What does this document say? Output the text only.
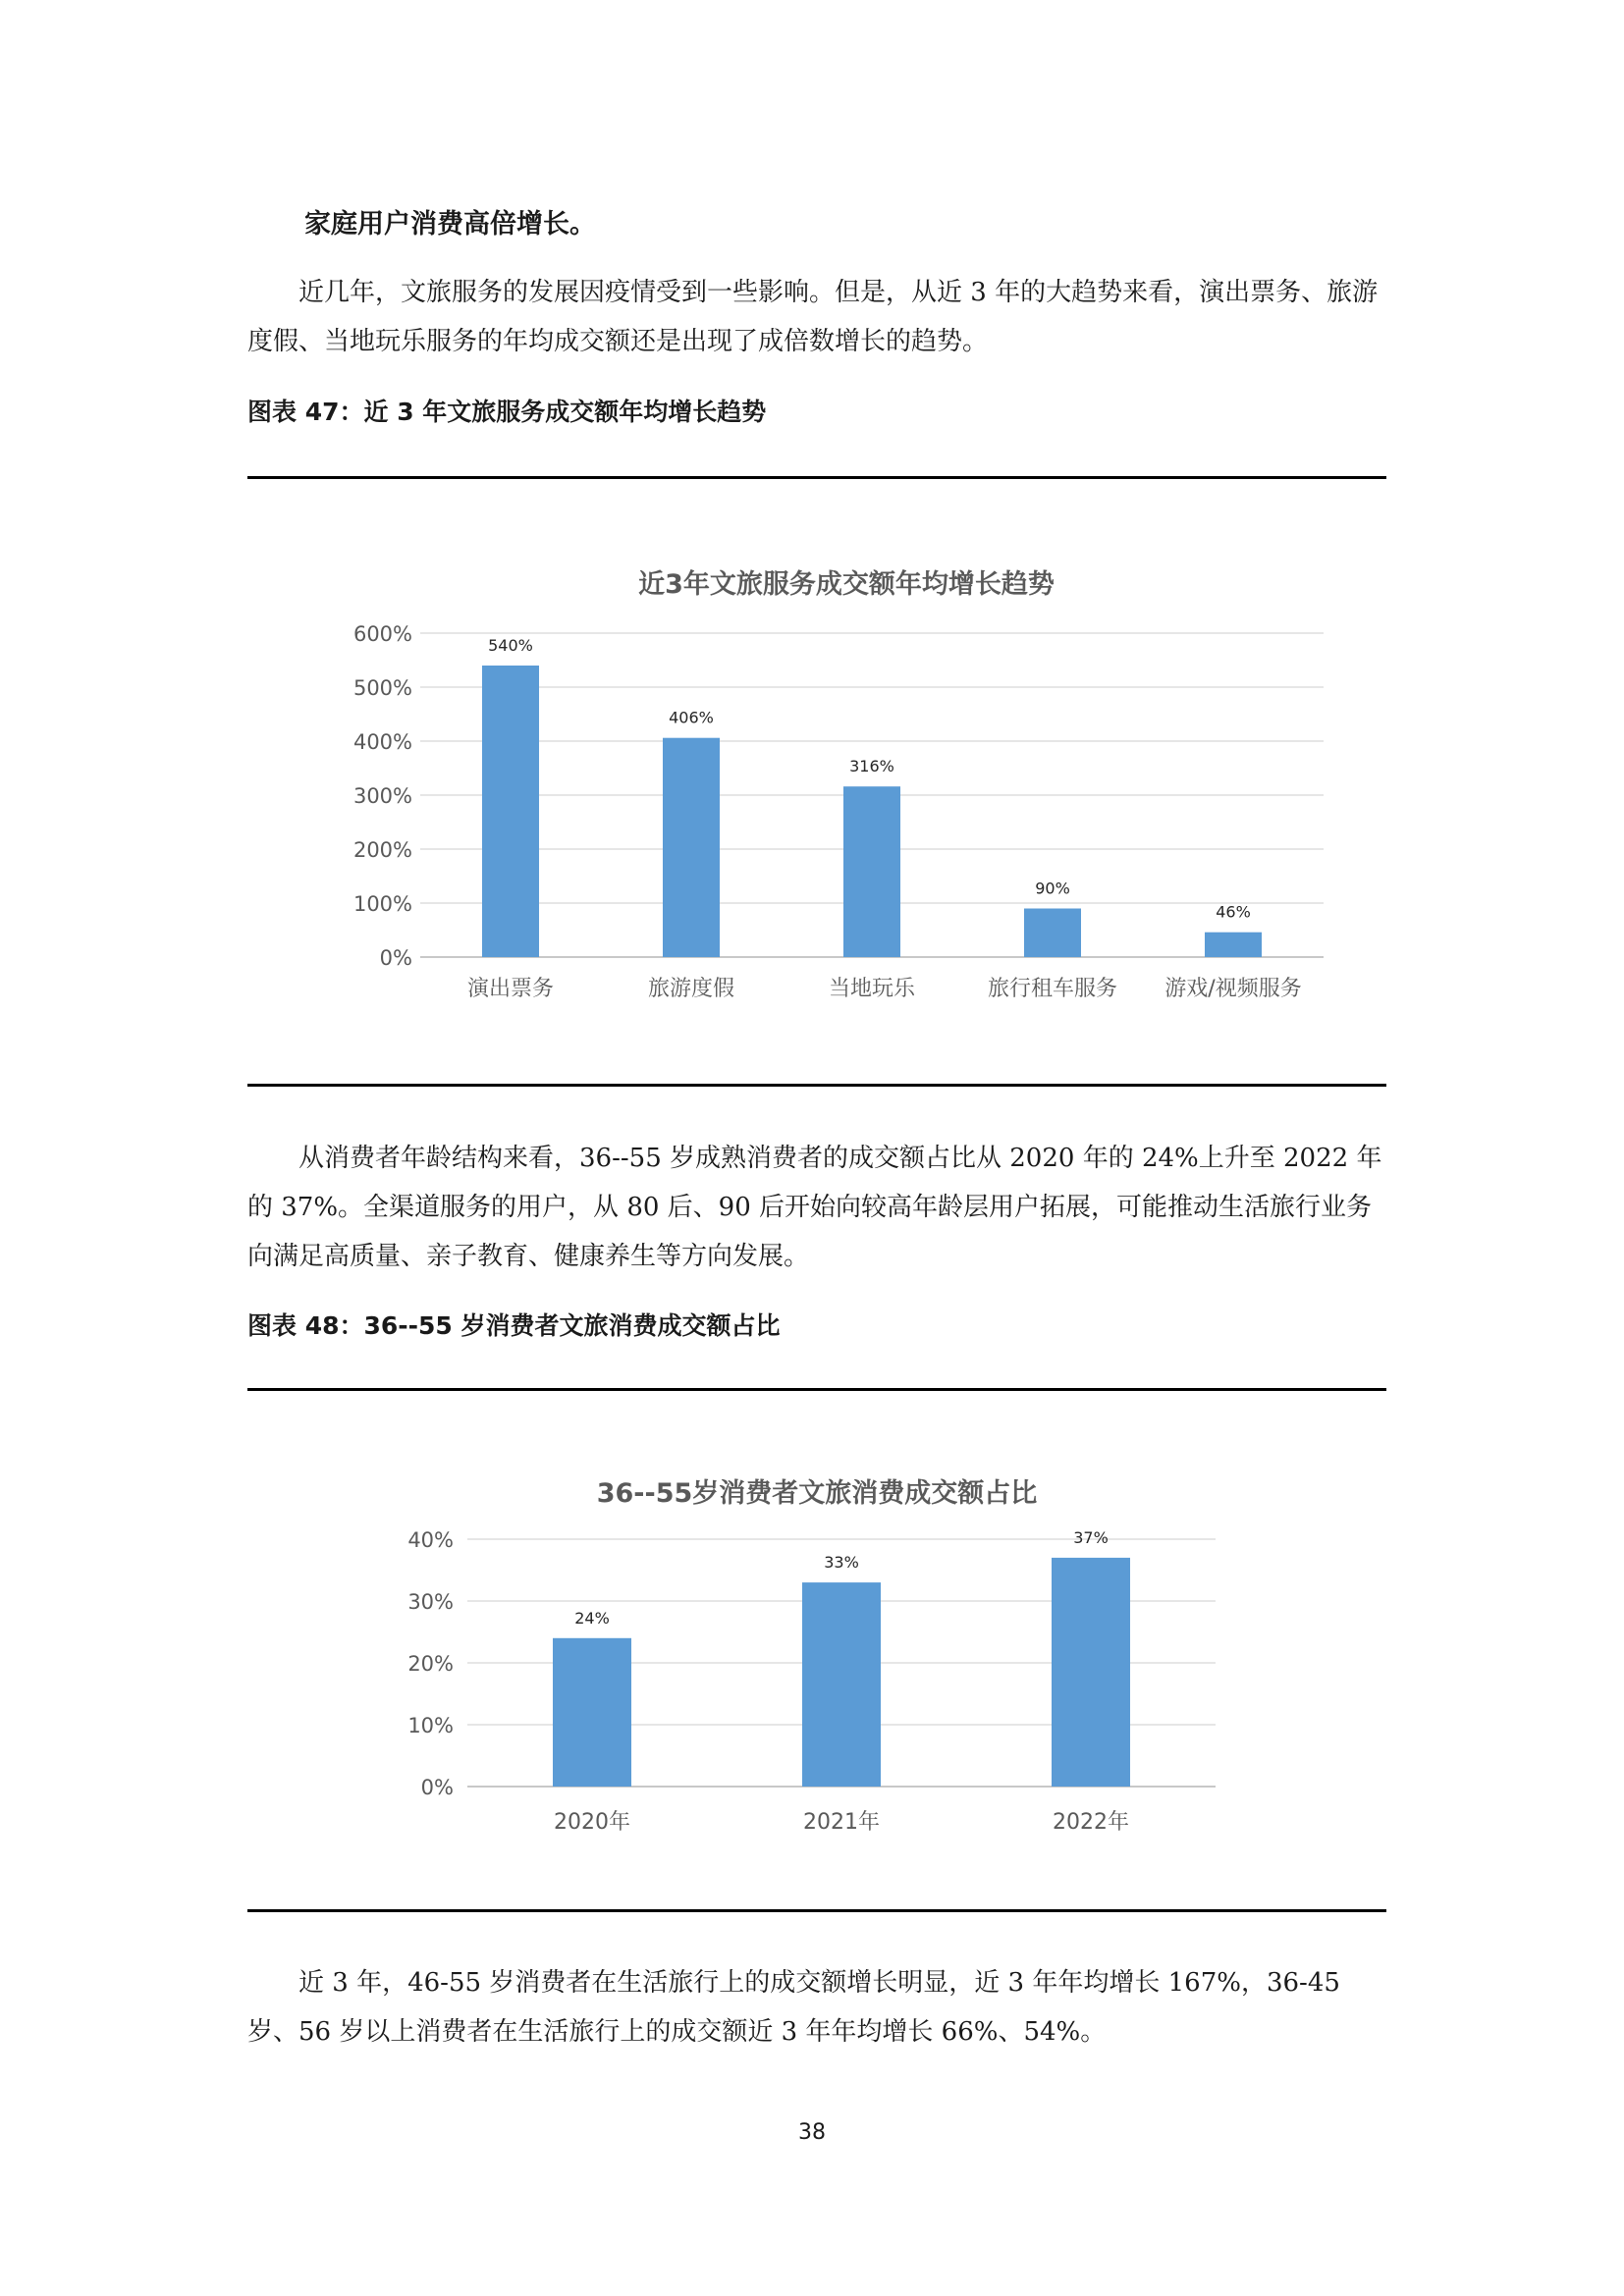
家庭用户消费高倍增长。

近几年，文旅服务的发展因疫情受到一些影响。但是，从近 3 年的大趋势来看，演出票务、旅游度假、当地玩乐服务的年均成交额还是出现了成倍数增长的趋势。

图表 47：近 3 年文旅服务成交额年均增长趋势
近3年文旅服务成交额年均增长趋势
0%
100%
200%
300%
400%
500%
600%	540%
演出票务
406%
旅游度假
316%
当地玩乐
90%
旅行租车服务
46%
游戏/视频服务

从消费者年龄结构来看，36--55 岁成熟消费者的成交额占比从 2020 年的 24%上升至 2022 年的 37%。全渠道服务的用户，从 80 后、90 后开始向较高年龄层用户拓展，可能推动生活旅行业务向满足高质量、亲子教育、健康养生等方向发展。

图表 48：36--55 岁消费者文旅消费成交额占比
36--55岁消费者文旅消费成交额占比
0%
10%
20%
30%
40%
24%
2020年
33%
2021年
37%
2022年

近 3 年，46-55 岁消费者在生活旅行上的成交额增长明显，近 3 年年均增长 167%，36-45 岁、56 岁以上消费者在生活旅行上的成交额近 3 年年均增长 66%、54%。

38
